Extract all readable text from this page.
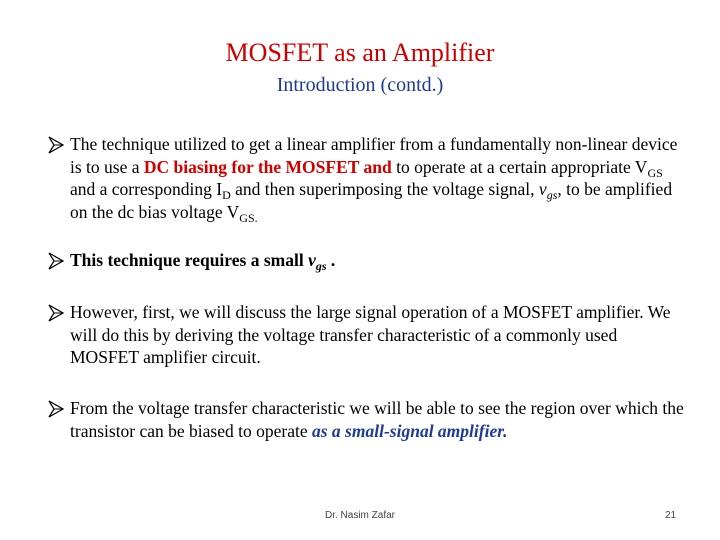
MOSFET as an Amplifier
Introduction (contd.)
The technique utilized to get a linear amplifier from a fundamentally non-linear device is to use a DC biasing for the MOSFET and to operate at a certain appropriate $V_{GS}$ and a corresponding $I_D$ and then superimposing the voltage signal, $v_{gs}$, to be amplified on the dc bias voltage $V_{GS.}$
This technique requires a small $v_{gs}$ .
However, first, we will discuss the large signal operation of a MOSFET amplifier. We will do this by deriving the voltage transfer characteristic of a commonly used MOSFET amplifier circuit.
From the voltage transfer characteristic we will be able to see the region over which the transistor can be biased to operate as a small-signal amplifier.
Dr. Nasim Zafar	21
